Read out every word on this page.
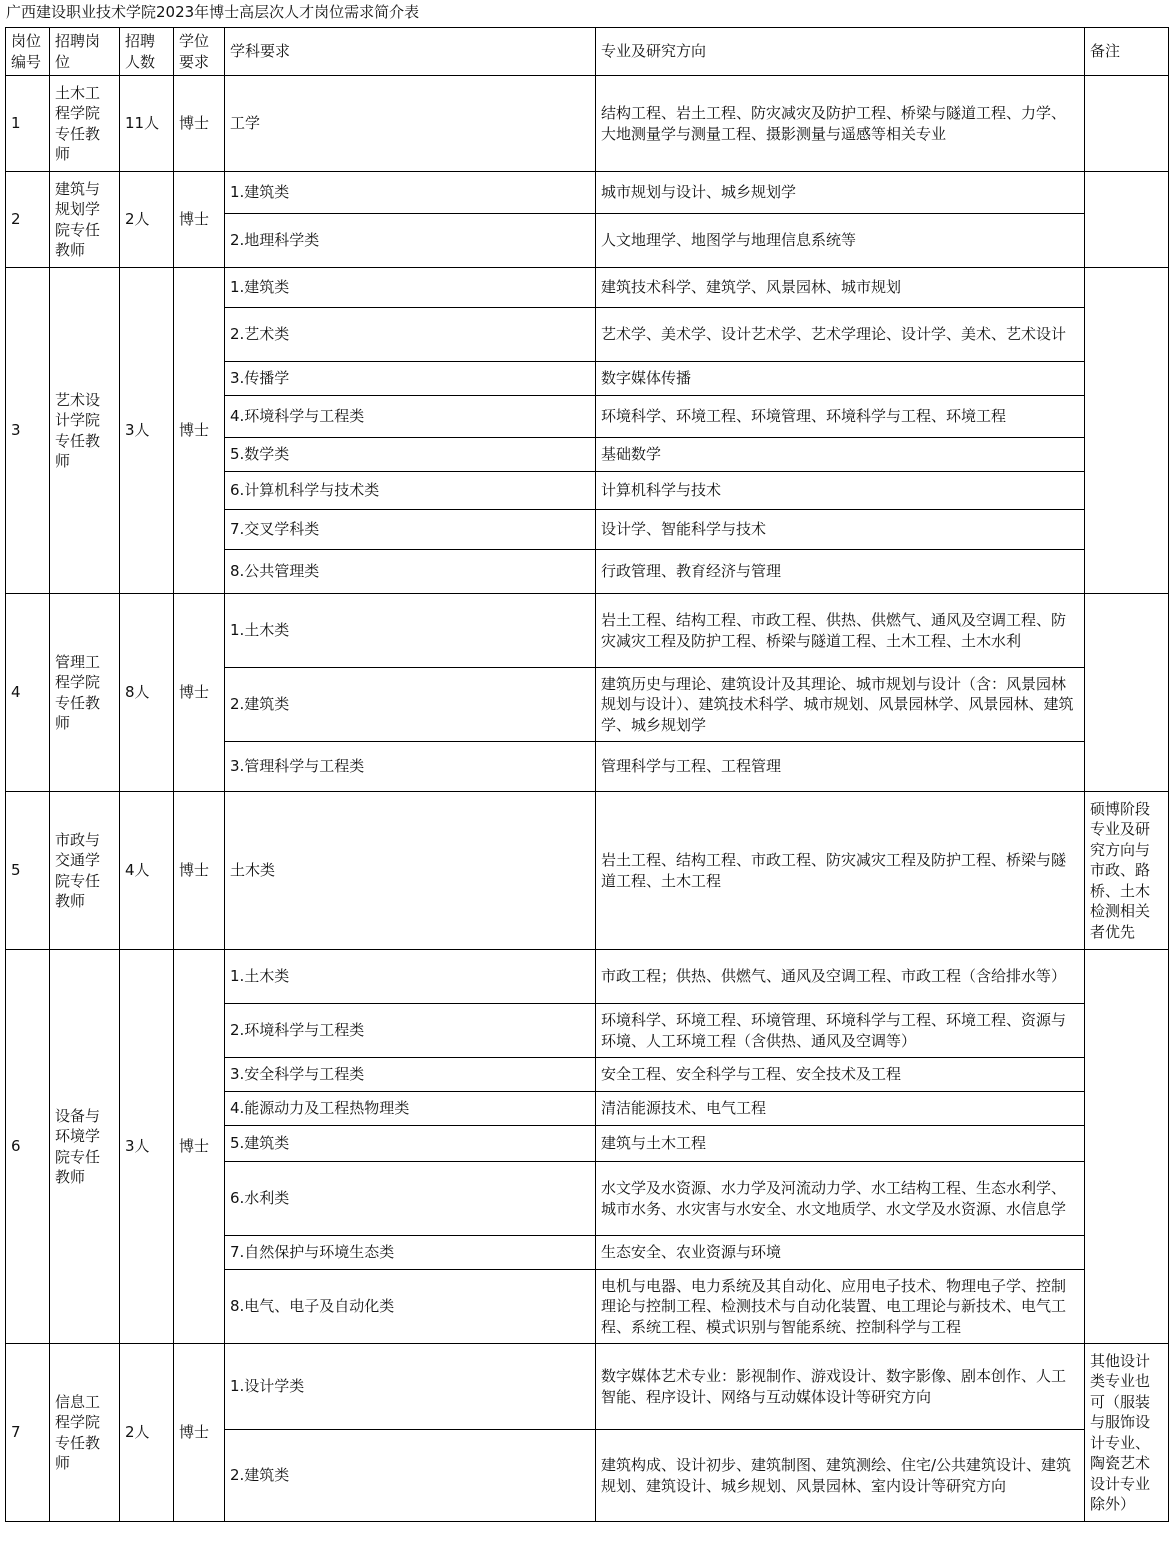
广西建设职业技术学院2023年博士高层次人才岗位需求简介表
岗位编号	招聘岗位	招聘人数	学位要求	学科要求	专业及研究方向	备注
1	土木工程学院专任教师	11人	博士	工学	结构工程、岩土工程、防灾减灾及防护工程、桥梁与隧道工程、力学、大地测量学与测量工程、摄影测量与遥感等相关专业	
2	建筑与规划学院专任教师	2人	博士	1.建筑类	城市规划与设计、城乡规划学	
				2.地理科学类	人文地理学、地图学与地理信息系统等	
3	艺术设计学院专任教师	3人	博士	1.建筑类	建筑技术科学、建筑学、风景园林、城市规划	
				2.艺术类	艺术学、美术学、设计艺术学、艺术学理论、设计学、美术、艺术设计	
				3.传播学	数字媒体传播	
				4.环境科学与工程类	环境科学、环境工程、环境管理、环境科学与工程、环境工程	
				5.数学类	基础数学	
				6.计算机科学与技术类	计算机科学与技术	
				7.交叉学科类	设计学、智能科学与技术	
				8.公共管理类	行政管理、教育经济与管理	
4	管理工程学院专任教师	8人	博士	1.土木类	岩土工程、结构工程、市政工程、供热、供燃气、通风及空调工程、防灾减灾工程及防护工程、桥梁与隧道工程、土木工程、土木水利	
				2.建筑类	建筑历史与理论、建筑设计及其理论、城市规划与设计（含：风景园林规划与设计）、建筑技术科学、城市规划、风景园林学、风景园林、建筑学、城乡规划学	
				3.管理科学与工程类	管理科学与工程、工程管理	
5	市政与交通学院专任教师	4人	博士	土木类	岩土工程、结构工程、市政工程、防灾减灾工程及防护工程、桥梁与隧道工程、土木工程	硕博阶段专业及研究方向与市政、路桥、土木检测相关者优先
6	设备与环境学院专任教师	3人	博士	1.土木类	市政工程；供热、供燃气、通风及空调工程、市政工程（含给排水等）	
				2.环境科学与工程类	环境科学、环境工程、环境管理、环境科学与工程、环境工程、资源与环境、人工环境工程（含供热、通风及空调等）	
				3.安全科学与工程类	安全工程、安全科学与工程、安全技术及工程	
				4.能源动力及工程热物理类	清洁能源技术、电气工程	
				5.建筑类	建筑与土木工程	
				6.水利类	水文学及水资源、水力学及河流动力学、水工结构工程、生态水利学、城市水务、水灾害与水安全、水文地质学、水文学及水资源、水信息学	
				7.自然保护与环境生态类	生态安全、农业资源与环境	
				8.电气、电子及自动化类	电机与电器、电力系统及其自动化、应用电子技术、物理电子学、控制理论与控制工程、检测技术与自动化装置、电工理论与新技术、电气工程、系统工程、模式识别与智能系统、控制科学与工程	
7	信息工程学院专任教师	2人	博士	1.设计学类	数字媒体艺术专业：影视制作、游戏设计、数字影像、剧本创作、人工智能、程序设计、网络与互动媒体设计等研究方向	其他设计类专业也可（服装与服饰设计专业、陶瓷艺术设计专业除外）
				2.建筑类	建筑构成、设计初步、建筑制图、建筑测绘、住宅/公共建筑设计、建筑规划、建筑设计、城乡规划、风景园林、室内设计等研究方向	
